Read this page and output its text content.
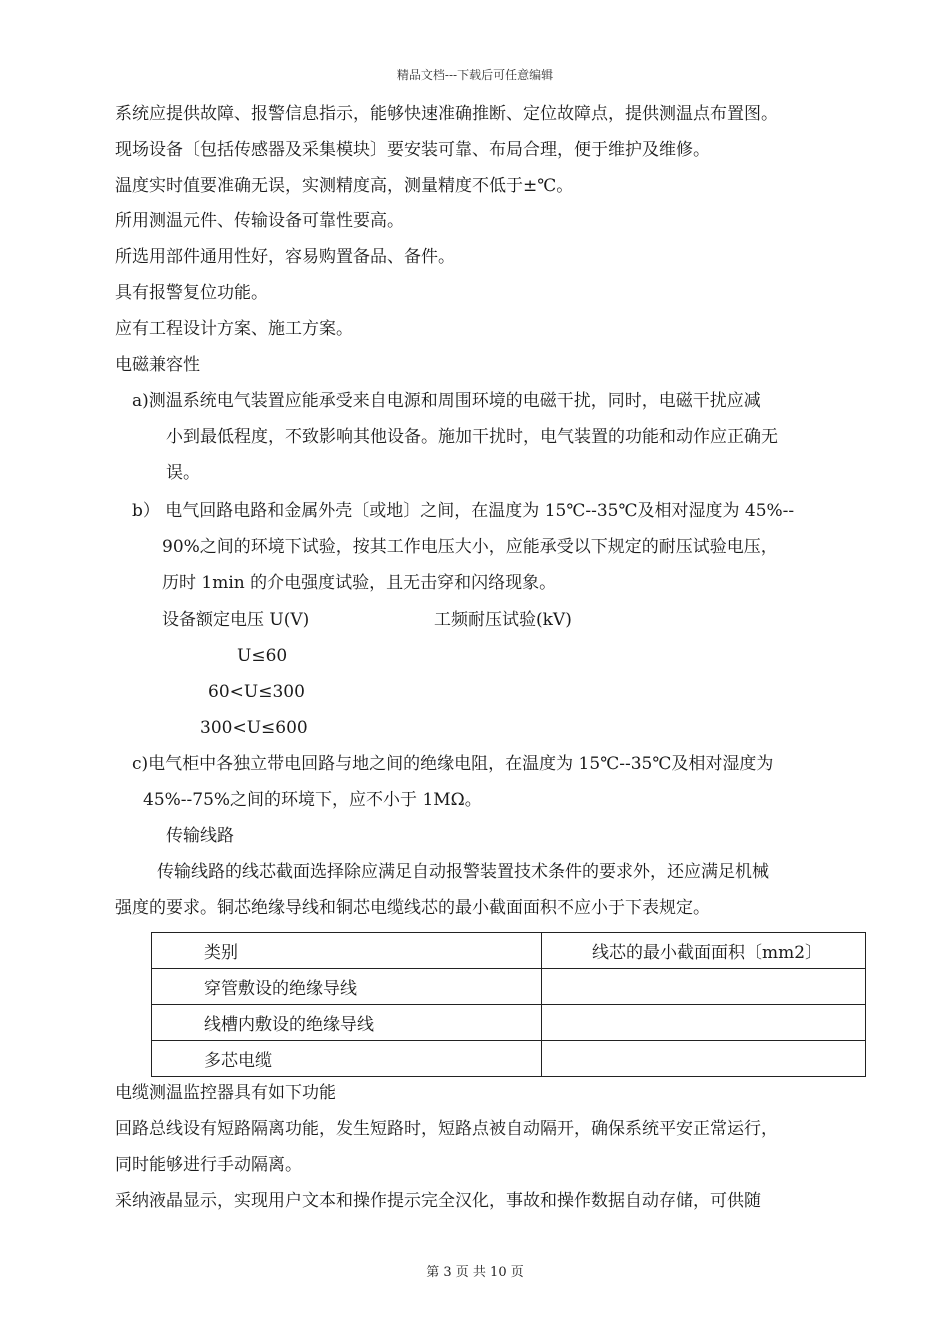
精品文档---下载后可任意编辑
系统应提供故障、报警信息指示，能够快速准确推断、定位故障点，提供测温点布置图。
现场设备〔包括传感器及采集模块〕要安装可靠、布局合理，便于维护及维修。
温度实时值要准确无误，实测精度高，测量精度不低于±℃。
所用测温元件、传输设备可靠性要高。
所选用部件通用性好，容易购置备品、备件。
具有报警复位功能。
应有工程设计方案、施工方案。
电磁兼容性
a)测温系统电气装置应能承受来自电源和周围环境的电磁干扰，同时，电磁干扰应减
小到最低程度，不致影响其他设备。施加干扰时，电气装置的功能和动作应正确无
误。
b） 电气回路电路和金属外壳〔或地〕之间，在温度为 15℃--35℃及相对湿度为 45%--
90%之间的环境下试验，按其工作电压大小，应能承受以下规定的耐压试验电压，
历时 1min 的介电强度试验，且无击穿和闪络现象。
设备额定电压 U(V)	工频耐压试验(kV)
U≤60
60<U≤300
300<U≤600
c)电气柜中各独立带电回路与地之间的绝缘电阻，在温度为 15℃--35℃及相对湿度为
45%--75%之间的环境下，应不小于 1MΩ。
传输线路
传输线路的线芯截面选择除应满足自动报警装置技术条件的要求外，还应满足机械
强度的要求。铜芯绝缘导线和铜芯电缆线芯的最小截面面积不应小于下表规定。
类别	线芯的最小截面面积〔mm2〕
穿管敷设的绝缘导线	
线槽内敷设的绝缘导线	
多芯电缆	
电缆测温监控器具有如下功能
回路总线设有短路隔离功能，发生短路时，短路点被自动隔开，确保系统平安正常运行，
同时能够进行手动隔离。
采纳液晶显示，实现用户文本和操作提示完全汉化，事故和操作数据自动存储，可供随
第 3 页 共 10 页
